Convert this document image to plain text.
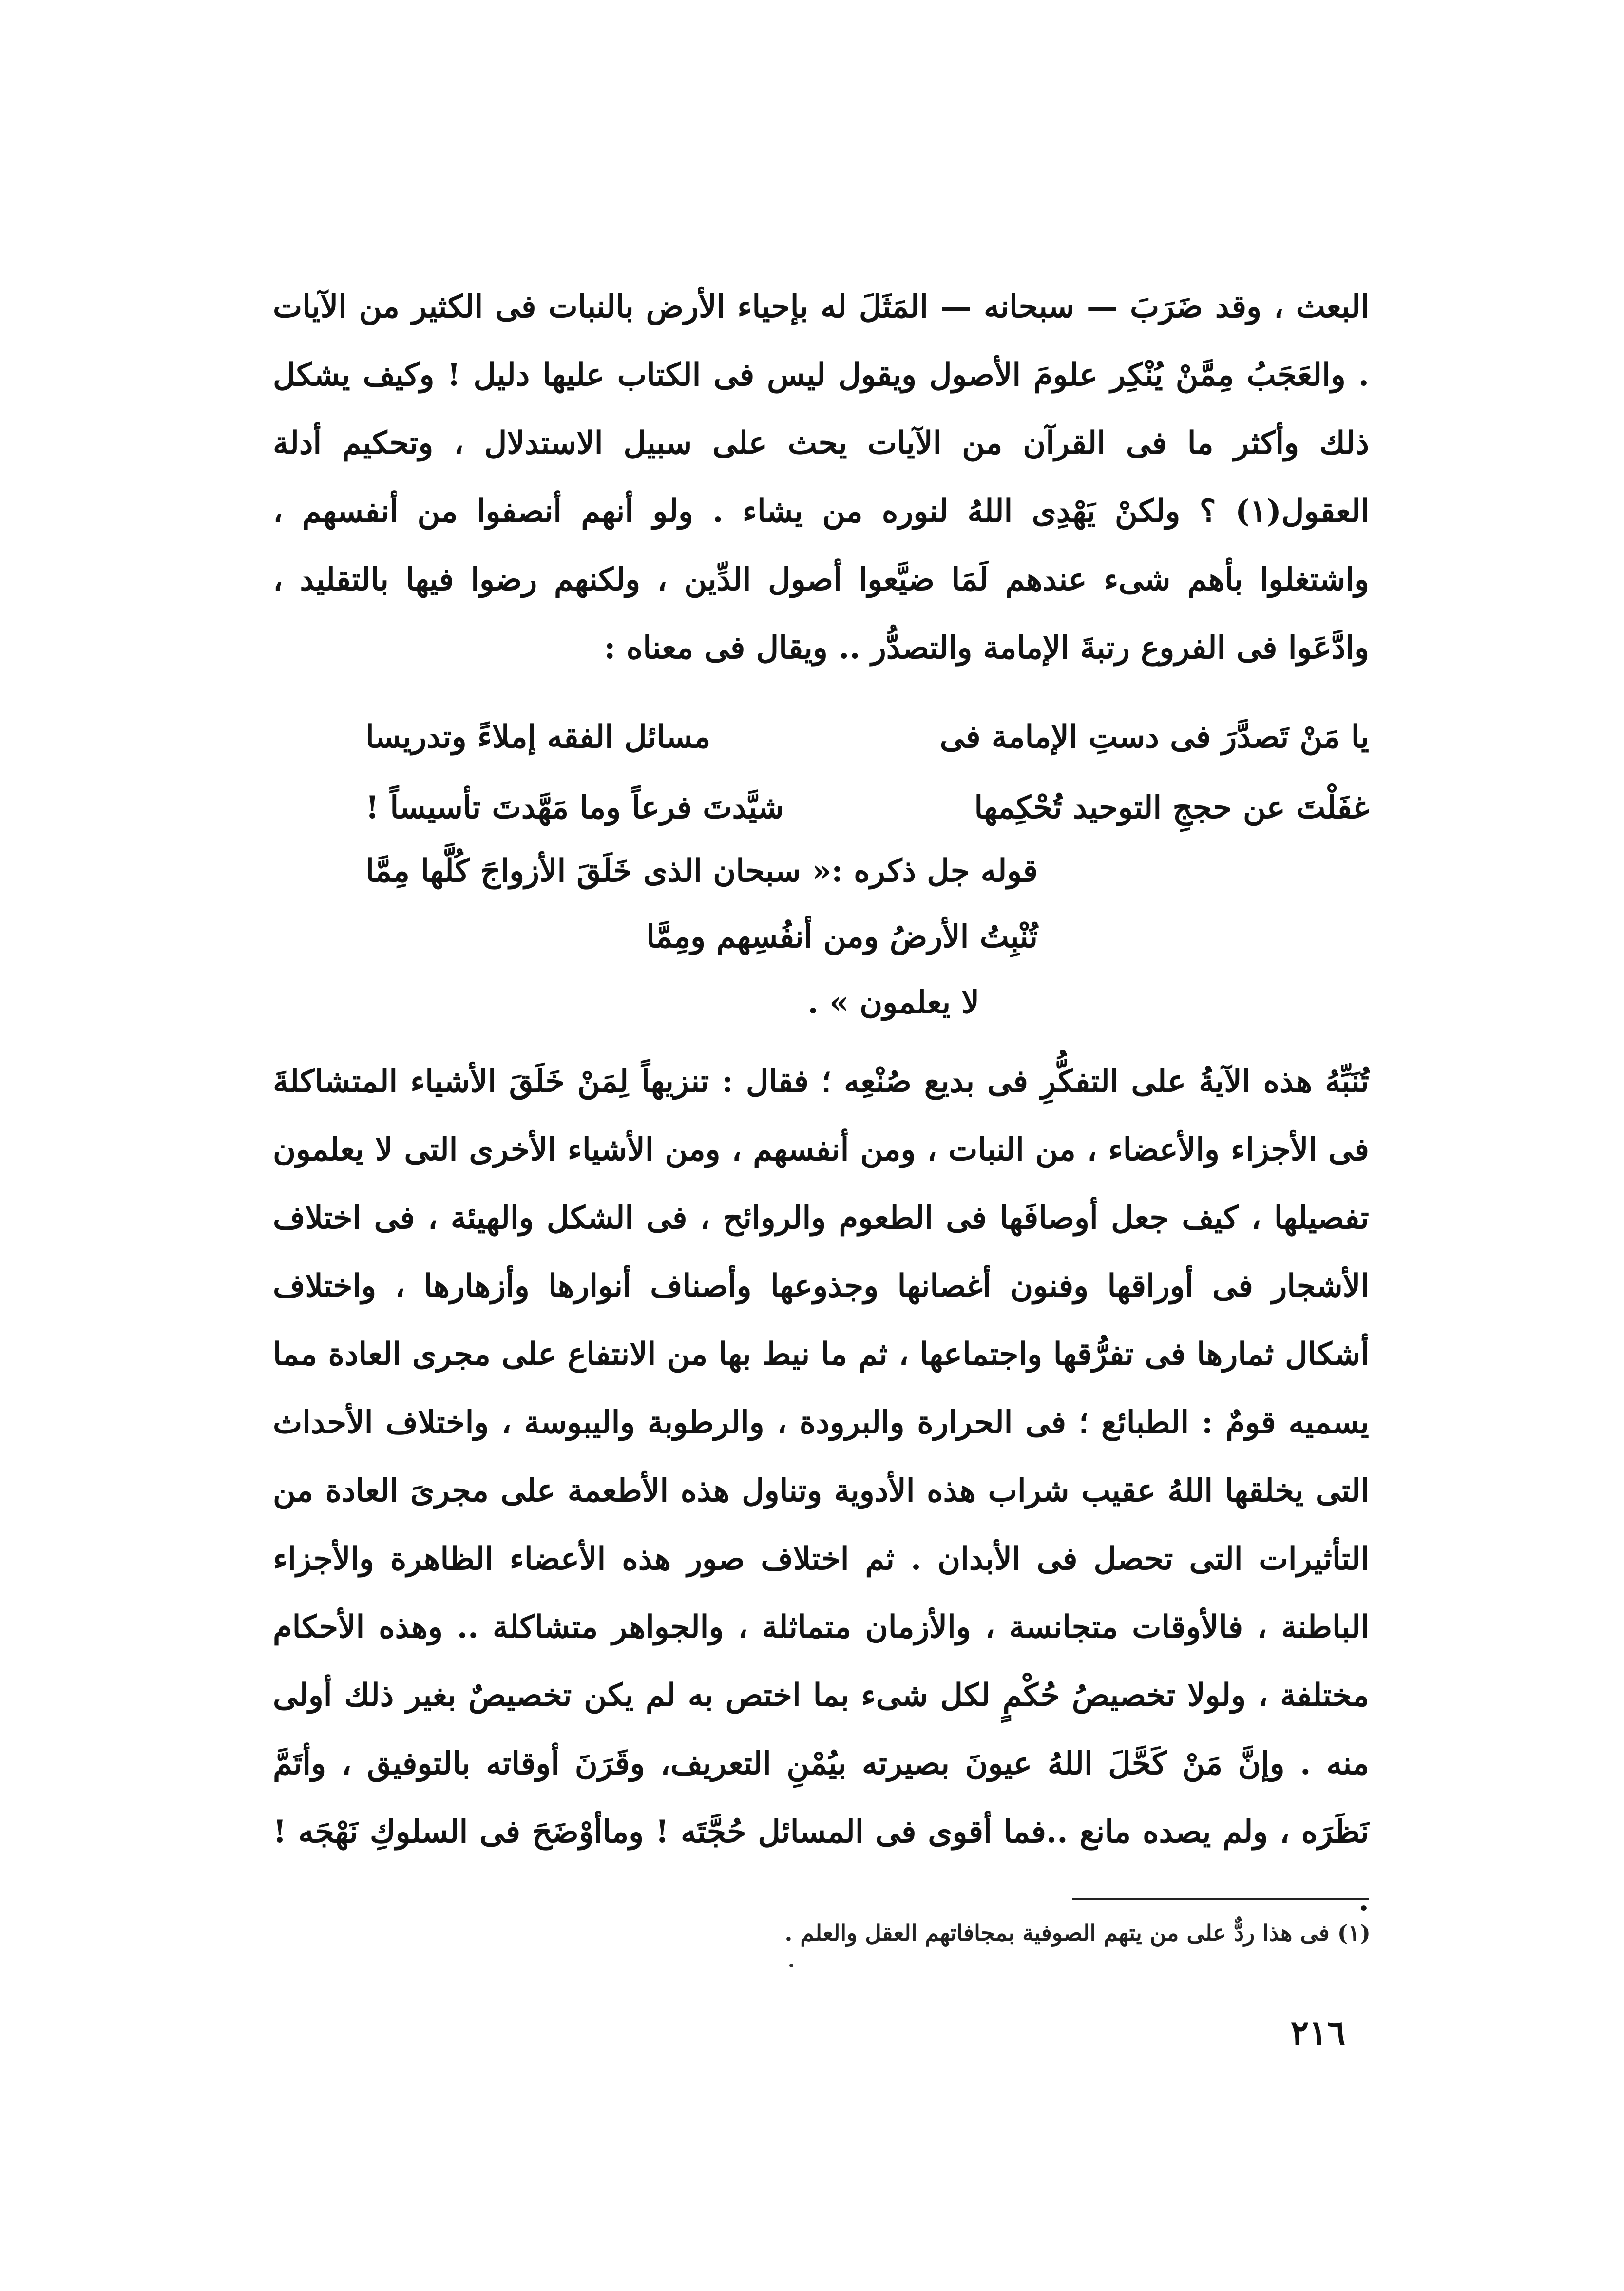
البعث ، وقد ضَرَبَ — سبحانه — المَثَلَ له بإحياء الأرض بالنبات فى الكثير من الآيات . والعَجَبُ مِمَّنْ يُنْكِر علومَ الأصول ويقول ليس فى الكتاب عليها دليل ! وكيف يشكل ذلك وأكثر ما فى القرآن من الآيات يحث على سبيل الاستدلال ، وتحكيم أدلة العقول(١) ؟ ولكنْ يَهْدِى اللهُ لنوره من يشاء . ولو أنهم أنصفوا من أنفسهم ، واشتغلوا بأهم شىء عندهم لَمَا ضيَّعوا أصول الدِّين ، ولكنهم رضوا فيها بالتقليد ، وادَّعَوا فى الفروع رتبةَ الإمامة والتصدُّر .. ويقال فى معناه :
يا مَنْ تَصدَّرَ فى دستِ الإمامة فى
مسائل الفقه إملاءً وتدريسا
غفَلْتَ عن حججِ التوحيد تُحْكِمها
شيَّدتَ فرعاً وما مَهَّدتَ تأسيساً !
قوله جل ذكره :« سبحان الذى خَلَقَ الأزواجَ كُلَّها مِمَّا
تُنْبِتُ الأرضُ ومن أنفُسِهم ومِمَّا
لا يعلمون » .
تُنَبِّهُ هذه الآيةُ على التفكُّرِ فى بديع صُنْعِه ؛ فقال : تنزيهاً لِمَنْ خَلَقَ الأشياء المتشاكلةَ فى الأجزاء والأعضاء ، من النبات ، ومن أنفسهم ، ومن الأشياء الأخرى التى لا يعلمون تفصيلها ، كيف جعل أوصافَها فى الطعوم والروائح ، فى الشكل والهيئة ، فى اختلاف الأشجار فى أوراقها وفنون أغصانها وجذوعها وأصناف أنوارها وأزهارها ، واختلاف أشكال ثمارها فى تفرُّقها واجتماعها ، ثم ما نيط بها من الانتفاع على مجرى العادة مما يسميه قومٌ : الطبائع ؛ فى الحرارة والبرودة ، والرطوبة واليبوسة ، واختلاف الأحداث التى يخلقها اللهُ عقيب شراب هذه الأدوية وتناول هذه الأطعمة على مجرىَ العادة من التأثيرات التى تحصل فى الأبدان . ثم اختلاف صور هذه الأعضاء الظاهرة والأجزاء الباطنة ، فالأوقات متجانسة ، والأزمان متماثلة ، والجواهر متشاكلة .. وهذه الأحكام مختلفة ، ولولا تخصيصُ حُكْمٍ لكل شىء بما اختص به لم يكن تخصيصٌ بغير ذلك أولى منه . وإنَّ مَنْ كَحَّلَ اللهُ عيونَ بصيرته بيُمْنِ التعريف، وقَرَنَ أوقاته بالتوفيق ، وأتَمَّ نَظَرَه ، ولم يصده مانع ..فما أقوى فى المسائل حُجَّتَه ! وماأوْضَحَ فى السلوكِ نَهْجَه ! .
(١) فى هذا ردٌّ على من يتهم الصوفية بمجافاتهم العقل والعلم .
٢١٦
